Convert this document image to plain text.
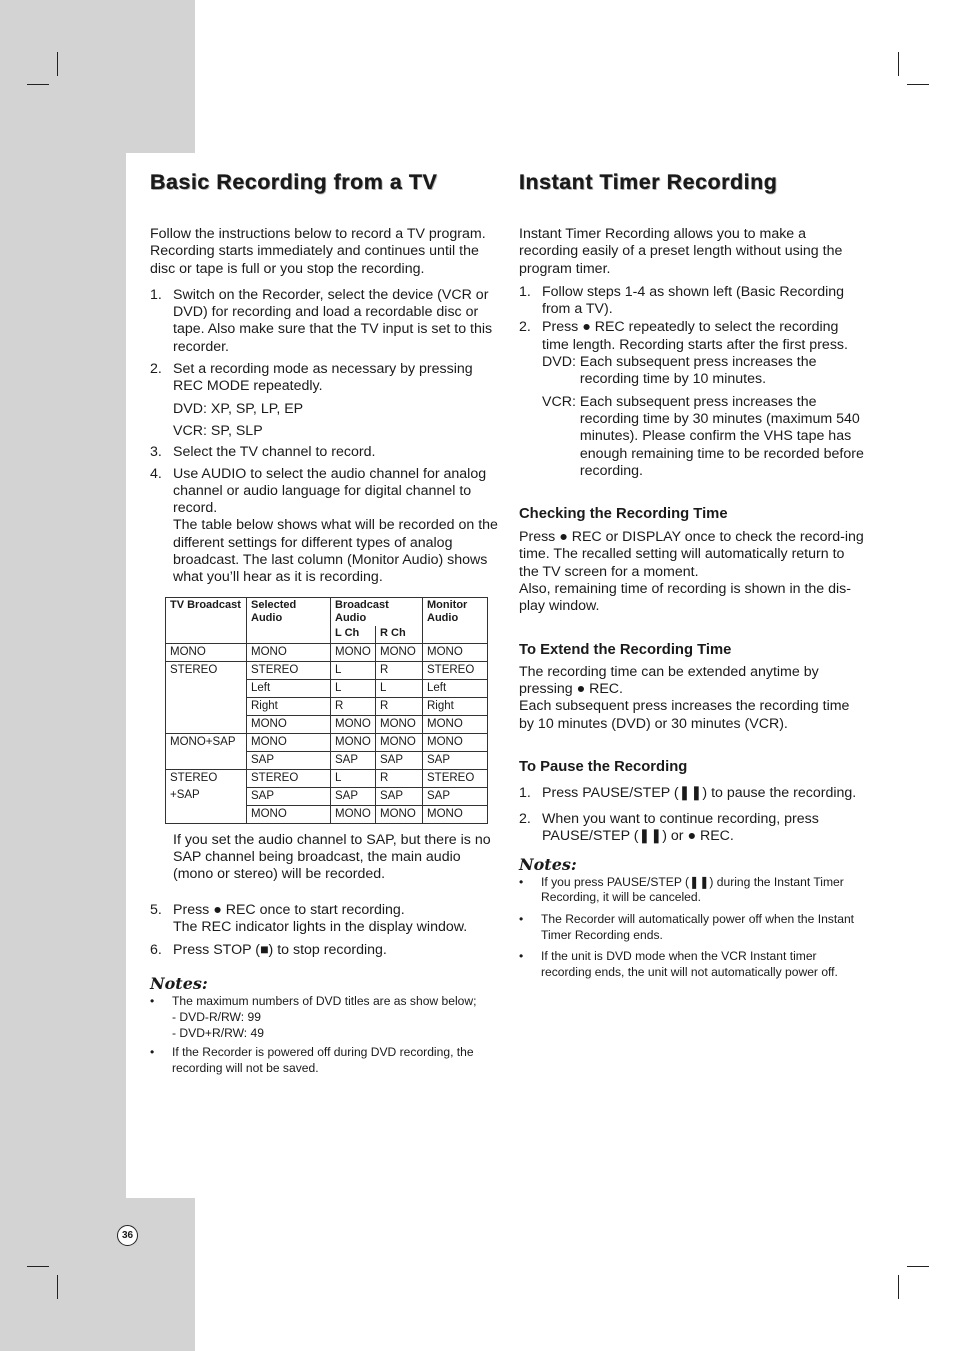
Basic Recording from a TV

Follow the instructions below to record a TV program. Recording starts immediately and continues until the disc or tape is full or you stop the recording.

1. Switch on the Recorder, select the device (VCR or DVD) for recording and load a recordable disc or tape. Also make sure that the TV input is set to this recorder.
2. Set a recording mode as necessary by pressing REC MODE repeatedly.
DVD: XP, SP, LP, EP
VCR: SP, SLP
3. Select the TV channel to record.
4. Use AUDIO to select the audio channel for analog channel or audio language for digital channel to record.
The table below shows what will be recorded on the different settings for different types of analog broadcast. The last column (Monitor Audio) shows what you’ll hear as it is recording.
TV Broadcast	Selected Audio	Broadcast Audio		Monitor Audio
		L Ch	R Ch	
MONO	MONO	MONO	MONO	MONO
STEREO	STEREO	L	R	STEREO
	Left	L	L	Left
	Right	R	R	Right
	MONO	MONO	MONO	MONO
MONO+SAP	MONO	MONO	MONO	MONO
	SAP	SAP	SAP	SAP
STEREO	STEREO	L	R	STEREO
+SAP	SAP	SAP	SAP	SAP
	MONO	MONO	MONO	MONO

If you set the audio channel to SAP, but there is no SAP channel being broadcast, the main audio (mono or stereo) will be recorded.

5. Press ● REC once to start recording.
The REC indicator lights in the display window.
6. Press STOP (■) to stop recording.
Notes:
• The maximum numbers of DVD titles are as show below;
- DVD-R/RW: 99
- DVD+R/RW: 49
• If the Recorder is powered off during DVD recording, the recording will not be saved.
Instant Timer Recording

Instant Timer Recording allows you to make a recording easily of a preset length without using the program timer.

1. Follow steps 1-4 as shown left (Basic Recording from a TV).
2. Press ● REC repeatedly to select the recording time length. Recording starts after the first press.
DVD: Each subsequent press increases the recording time by 10 minutes.
VCR: Each subsequent press increases the recording time by 30 minutes (maximum 540 minutes). Please confirm the VHS tape has enough remaining time to be recorded before recording.
Checking the Recording Time

Press ● REC or DISPLAY once to check the record-ing time. The recalled setting will automatically return to the TV screen for a moment.

Also, remaining time of recording is shown in the dis-play window.

To Extend the Recording Time

The recording time can be extended anytime by pressing ● REC.

Each subsequent press increases the recording time by 10 minutes (DVD) or 30 minutes (VCR).

To Pause the Recording
1. Press PAUSE/STEP (❚❚) to pause the recording.
2. When you want to continue recording, press PAUSE/STEP (❚❚) or ● REC.
Notes:
• If you press PAUSE/STEP (❚❚) during the Instant Timer Recording, it will be canceled.
• The Recorder will automatically power off when the Instant Timer Recording ends.
• If the unit is DVD mode when the VCR Instant timer recording ends, the unit will not automatically power off.
36
